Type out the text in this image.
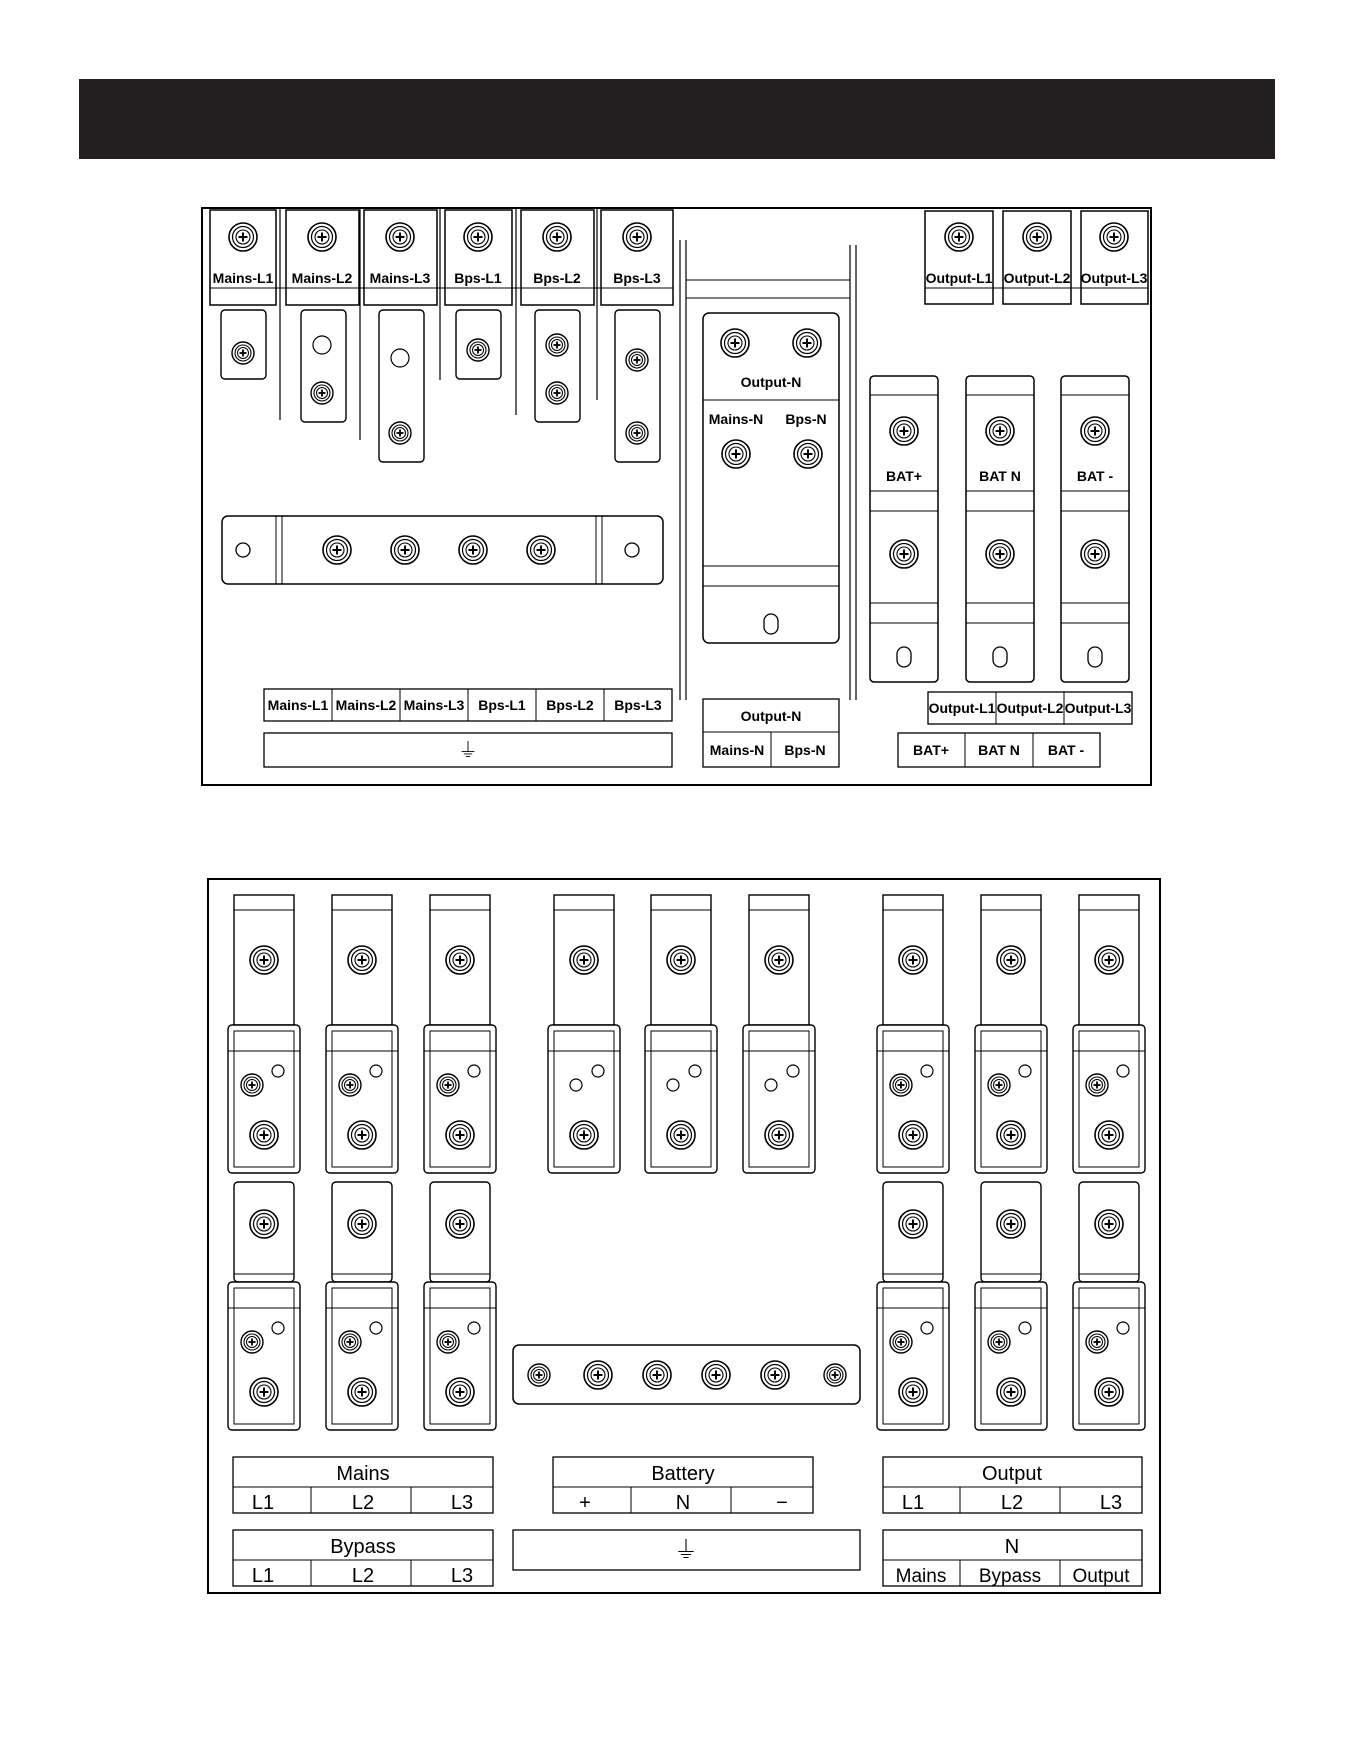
Mains-L1 Mains-L2 Mains-L3 Bps-L1 Bps-L2 Bps-L3
Output-N
Mains-N Bps-N
Output-L1 Output-L2 Output-L3
BAT+	BAT N	BAT -
Mains-L1 Mains-L2 Mains-L3 Bps-L1 Bps-L2 Bps-L3
⏚
Output-N
Mains-N Bps-N
Output-L1 Output-L2 Output-L3
BAT+ BAT N BAT -
Mains
L1	L2	L3
Battery
+	N	−
Output
L1	L2	L3
Bypass
L1	L2	L3
⏚	N
Mains Bypass Output
